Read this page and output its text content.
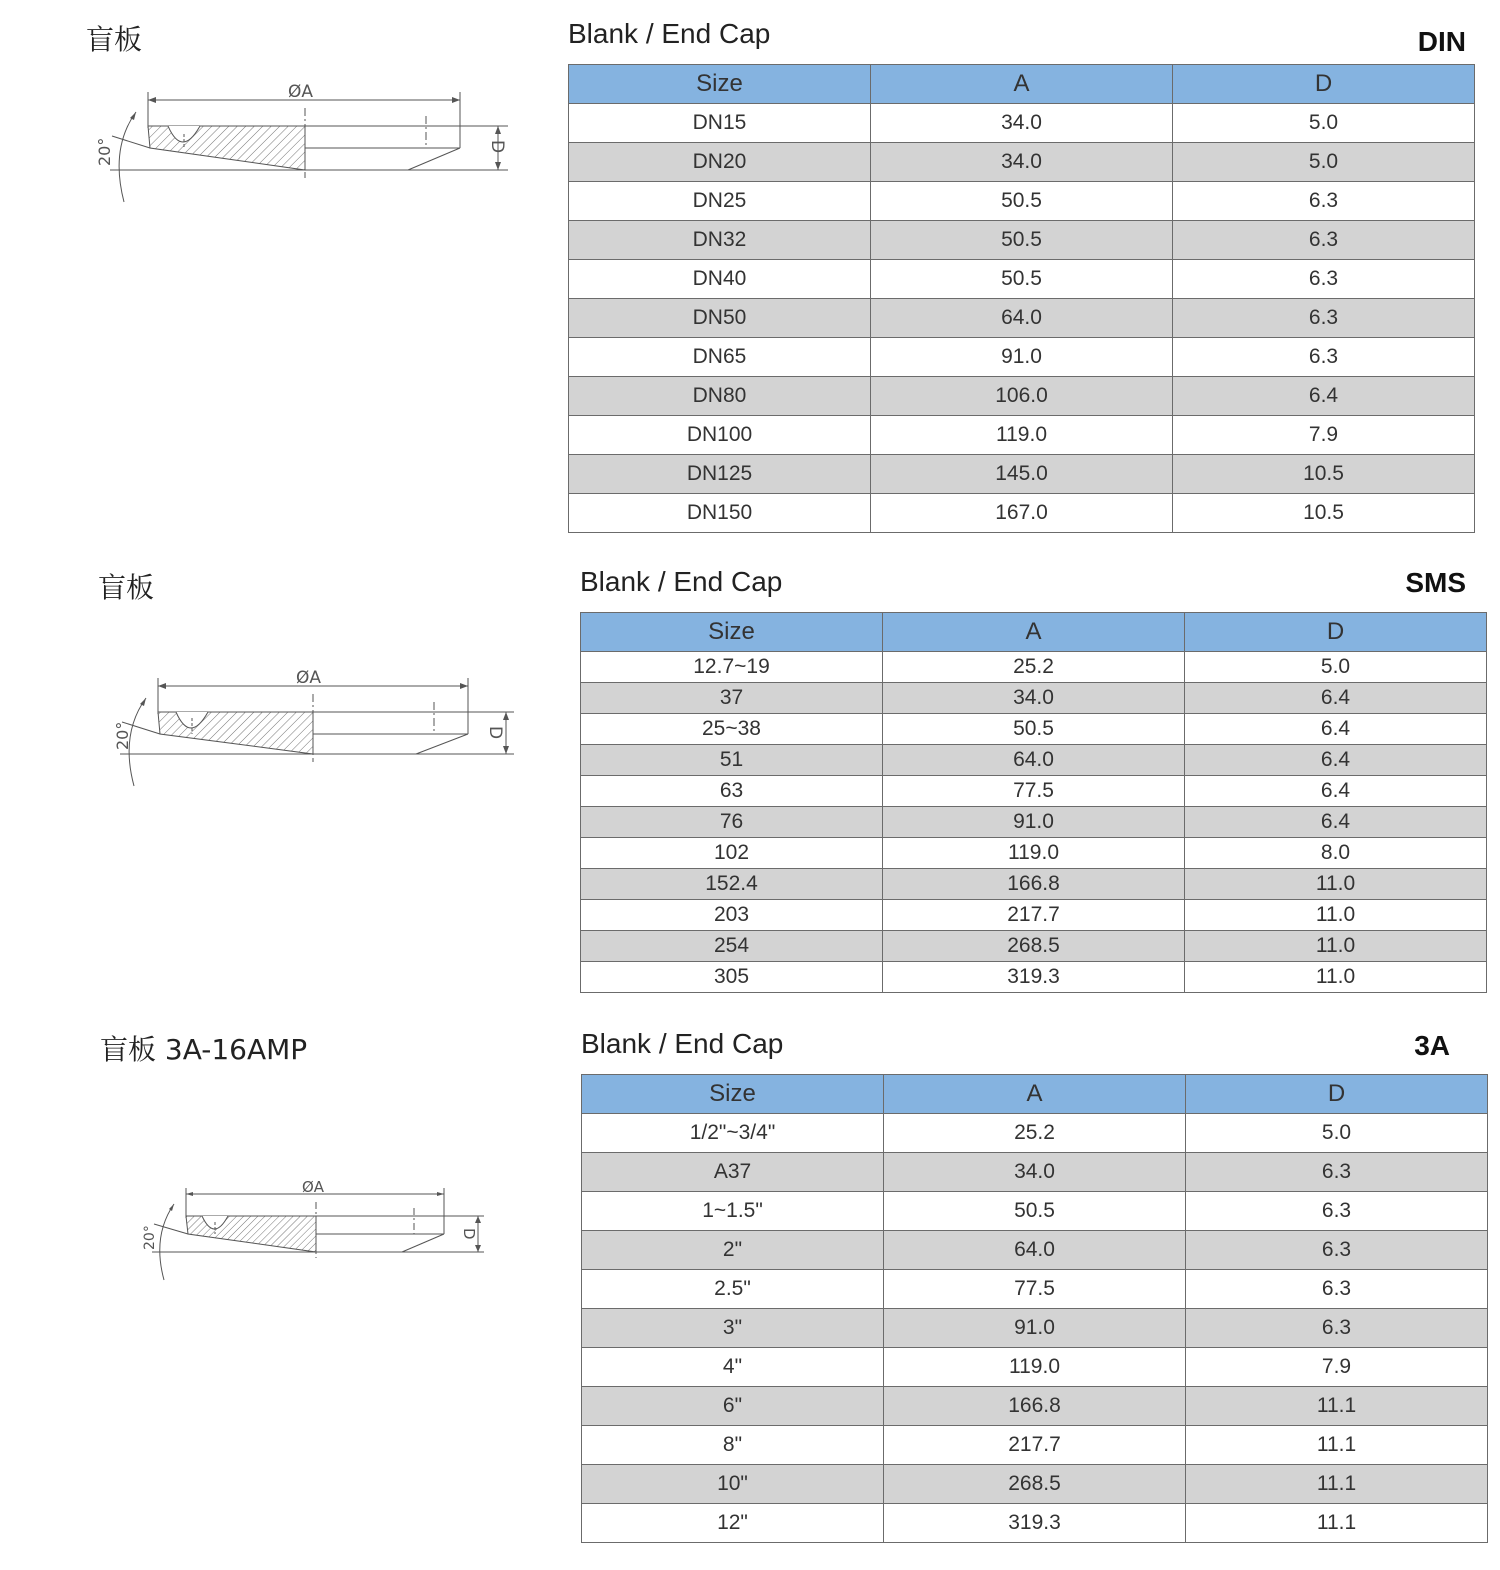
盲板
ØA
D
20°
Blank / End Cap	DIN
Size	A	D
DN15	34.0	5.0
DN20	34.0	5.0
DN25	50.5	6.3
DN32	50.5	6.3
DN40	50.5	6.3
DN50	64.0	6.3
DN65	91.0	6.3
DN80	106.0	6.4
DN100	119.0	7.9
DN125	145.0	10.5
DN150	167.0	10.5
盲板
ØA
D
20°
Blank / End Cap	SMS
Size	A	D
12.7~19	25.2	5.0
37	34.0	6.4
25~38	50.5	6.4
51	64.0	6.4
63	77.5	6.4
76	91.0	6.4
102	119.0	8.0
152.4	166.8	11.0
203	217.7	11.0
254	268.5	11.0
305	319.3	11.0
盲板 3A-16AMP
ØA
D
20°
Blank / End Cap	3A
Size	A	D
1/2"~3/4"	25.2	5.0
A37	34.0	6.3
1~1.5"	50.5	6.3
2"	64.0	6.3
2.5"	77.5	6.3
3"	91.0	6.3
4"	119.0	7.9
6"	166.8	11.1
8"	217.7	11.1
10"	268.5	11.1
12"	319.3	11.1
